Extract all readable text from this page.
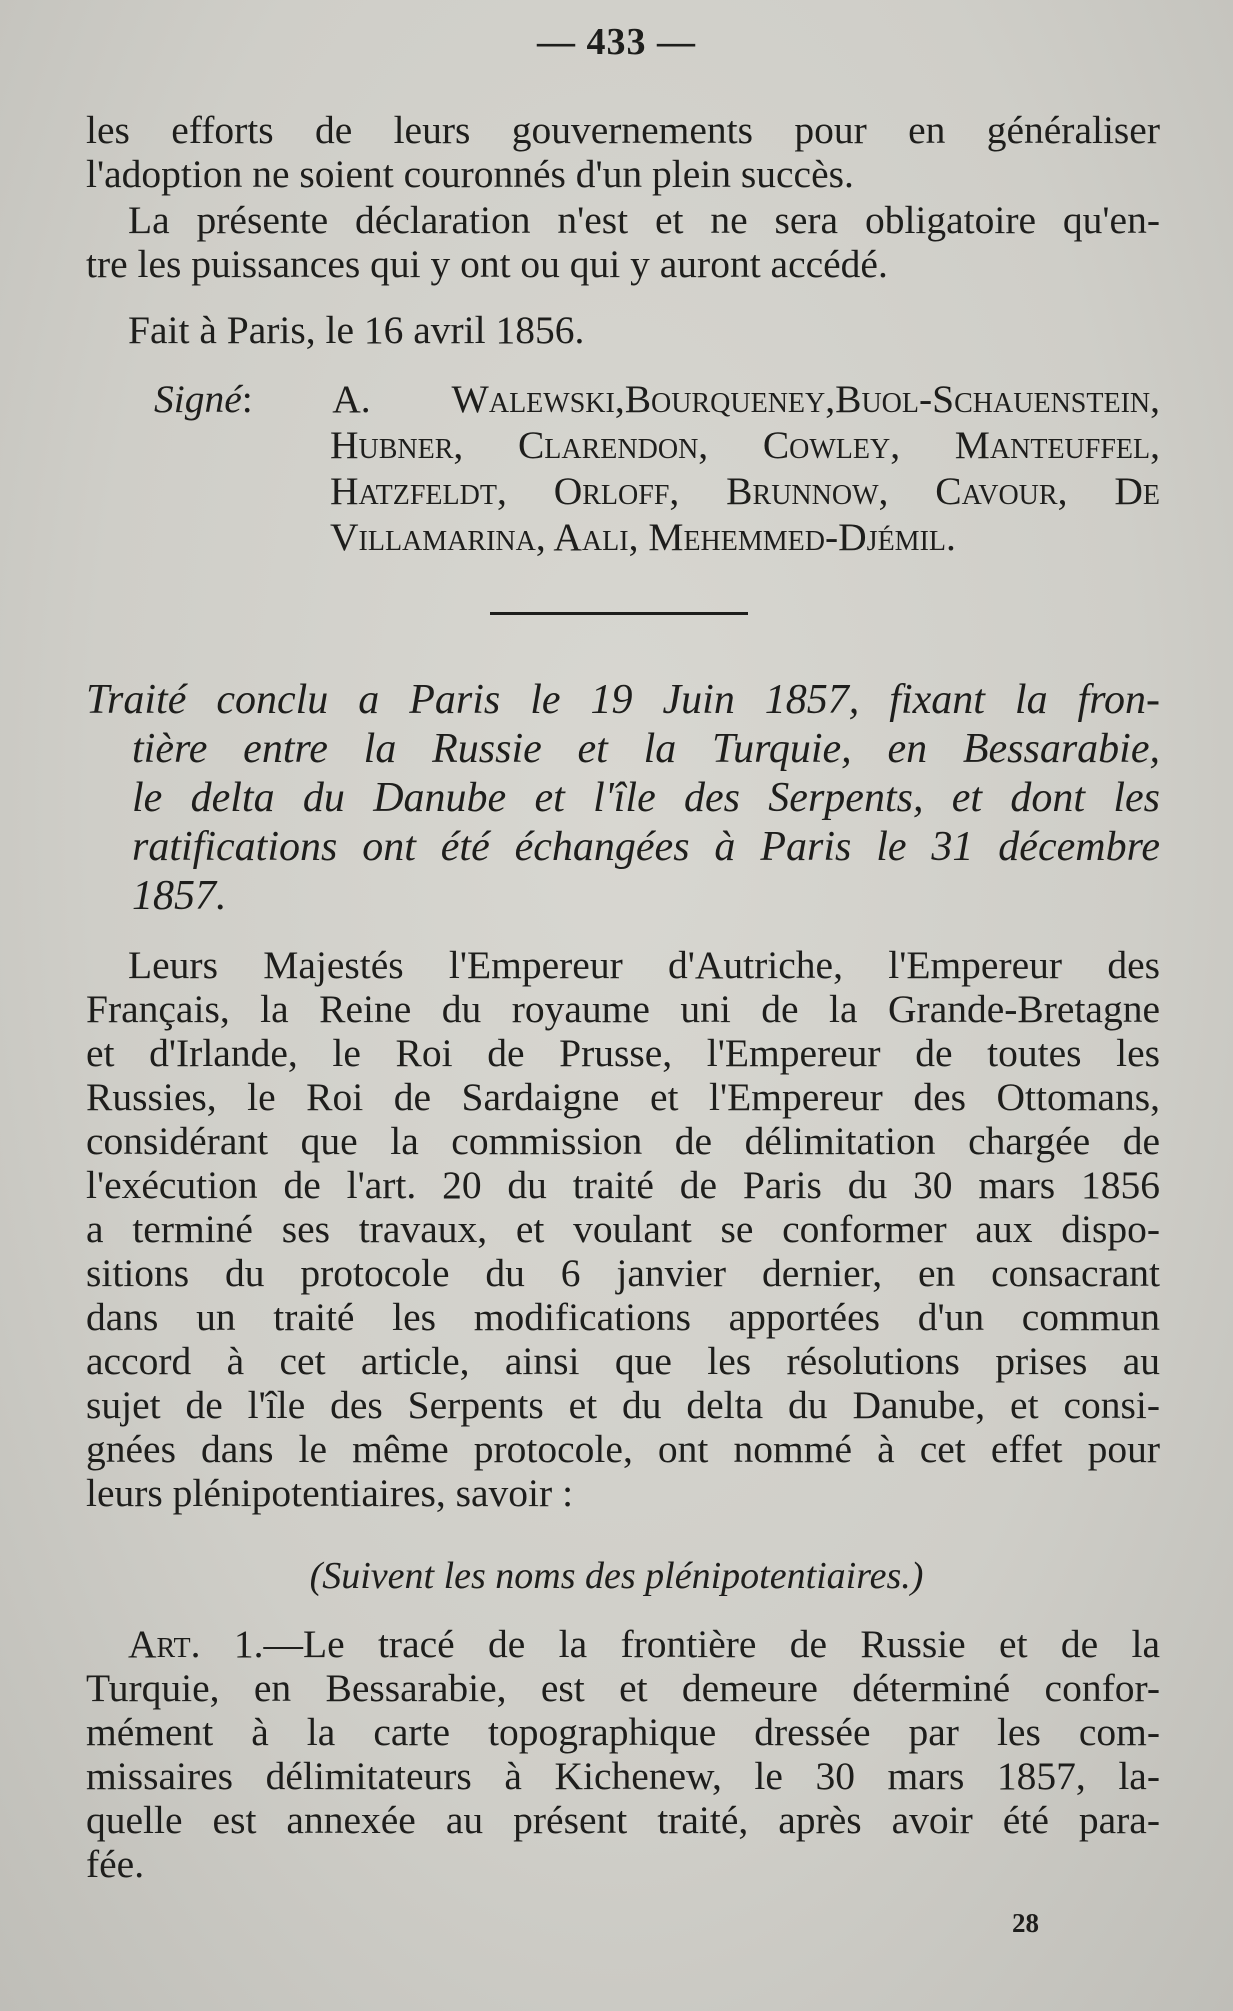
— 433 —
les efforts de leurs gouvernements pour en généraliser
l'adoption ne soient couronnés d'un plein succès.
La présente déclaration n'est et ne sera obligatoire qu'en-
tre les puissances qui y ont ou qui y auront accédé.
Fait à Paris, le 16 avril 1856.
Signé: A. Walewski,Bourqueney,Buol-Schauenstein,
Hubner, Clarendon, Cowley, Manteuffel,
Hatzfeldt, Orloff, Brunnow, Cavour, De
Villamarina, Aali, Mehemmed-Djémil.
Traité conclu a Paris le 19 Juin 1857, fixant la fron-
tière entre la Russie et la Turquie, en Bessarabie,
le delta du Danube et l'île des Serpents, et dont les
ratifications ont été échangées à Paris le 31 décembre
1857.
Leurs Majestés l'Empereur d'Autriche, l'Empereur des
Français, la Reine du royaume uni de la Grande-Bretagne
et d'Irlande, le Roi de Prusse, l'Empereur de toutes les
Russies, le Roi de Sardaigne et l'Empereur des Ottomans,
considérant que la commission de délimitation chargée de
l'exécution de l'art. 20 du traité de Paris du 30 mars 1856
a terminé ses travaux, et voulant se conformer aux dispo-
sitions du protocole du 6 janvier dernier, en consacrant
dans un traité les modifications apportées d'un commun
accord à cet article, ainsi que les résolutions prises au
sujet de l'île des Serpents et du delta du Danube, et consi-
gnées dans le même protocole, ont nommé à cet effet pour
leurs plénipotentiaires, savoir :
(Suivent les noms des plénipotentiaires.)
Art. 1.—Le tracé de la frontière de Russie et de la
Turquie, en Bessarabie, est et demeure déterminé confor-
mément à la carte topographique dressée par les com-
missaires délimitateurs à Kichenew, le 30 mars 1857, la-
quelle est annexée au présent traité, après avoir été para-
fée.
28
